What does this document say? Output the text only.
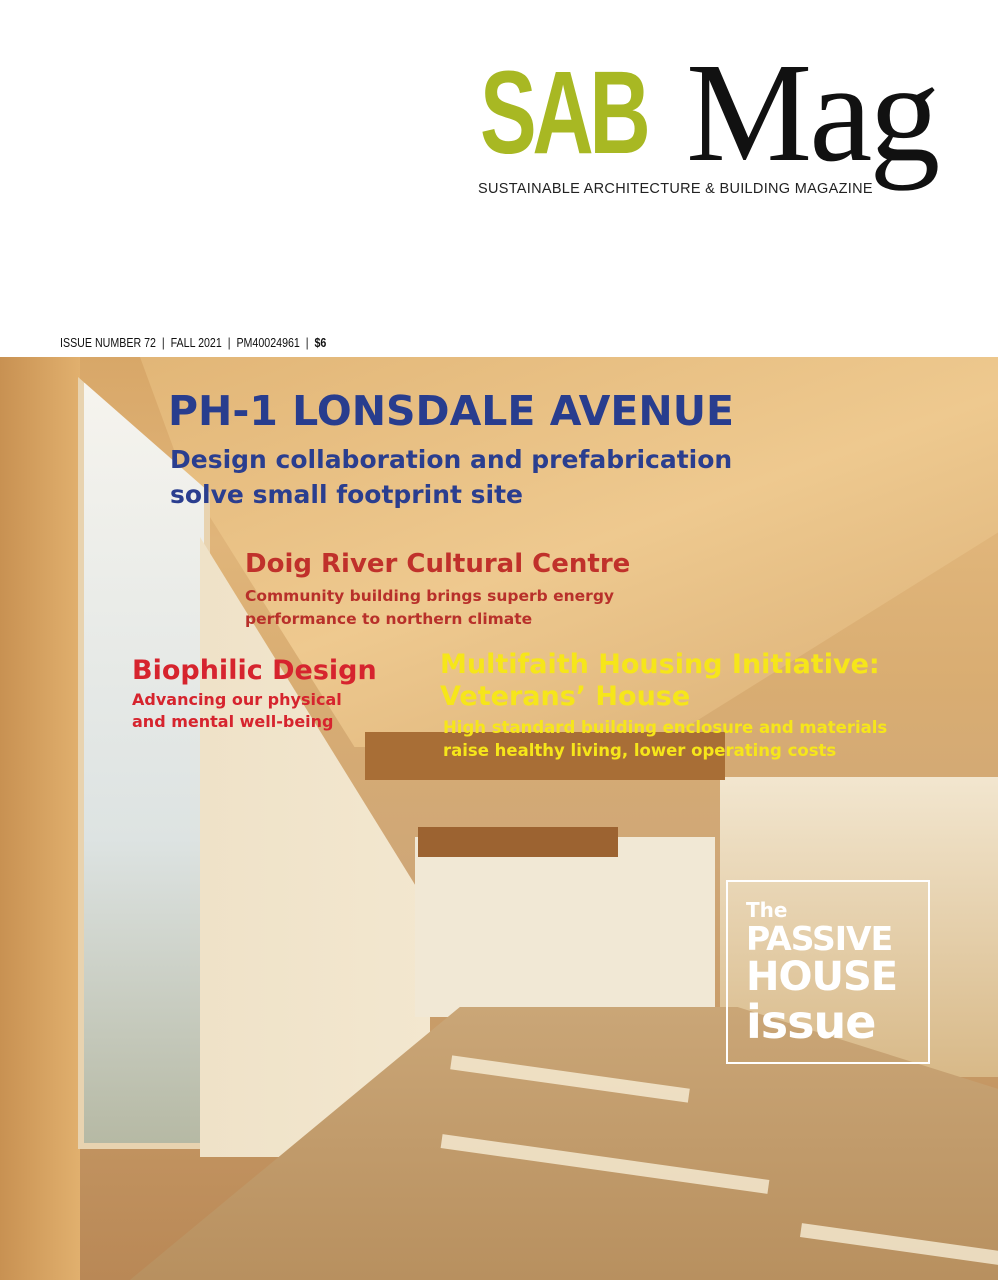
SAB Mag
SUSTAINABLE ARCHITECTURE & BUILDING MAGAZINE
ISSUE NUMBER 72 | FALL 2021 | PM40024961 | $6
PH-1 LONSDALE AVENUE
Design collaboration and prefabrication
solve small footprint site
Doig River Cultural Centre
Community building brings superb energy
performance to northern climate
Biophilic Design
Advancing our physical
and mental well-being
Multifaith Housing Initiative:
Veterans’ House
High standard building enclosure and materials
raise healthy living, lower operating costs
The
PASSIVE
HOUSE
issue
